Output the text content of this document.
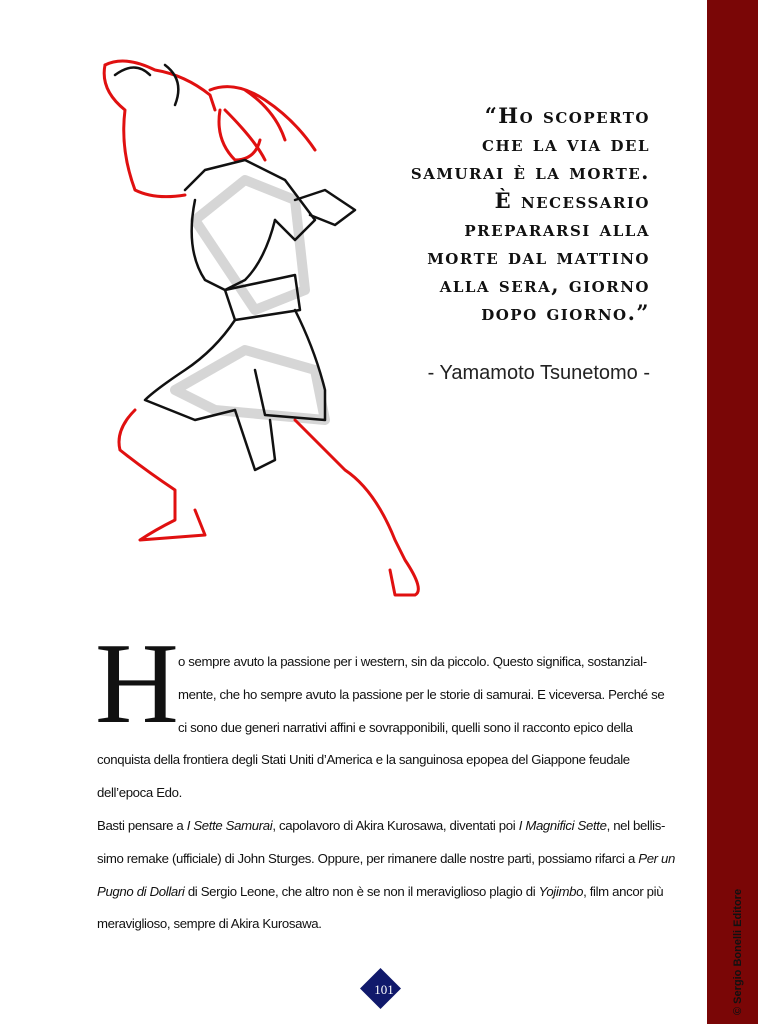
© Sergio Bonelli Editore
“Ho scoperto
che la via del
samurai è la morte.
È necessario
prepararsi alla
morte dal mattino
alla sera, giorno
dopo giorno.”
- Yamamoto Tsunetomo -
H o sempre avuto la passione per i western, sin da piccolo. Questo significa, sostanzial-
mente, che ho sempre avuto la passione per le storie di samurai. E viceversa. Perché se
ci sono due generi narrativi affini e sovrapponibili, quelli sono il racconto epico della
conquista della frontiera degli Stati Uniti d’America e la sanguinosa epopea del Giappone feudale
dell’epoca Edo.
Basti pensare a I Sette Samurai, capolavoro di Akira Kurosawa, diventati poi I Magnifici Sette, nel bellis-
simo remake (ufficiale) di John Sturges. Oppure, per rimanere dalle nostre parti, possiamo rifarci a Per un
Pugno di Dollari di Sergio Leone, che altro non è se non il meraviglioso plagio di Yojimbo, film ancor più
meraviglioso, sempre di Akira Kurosawa.
101
